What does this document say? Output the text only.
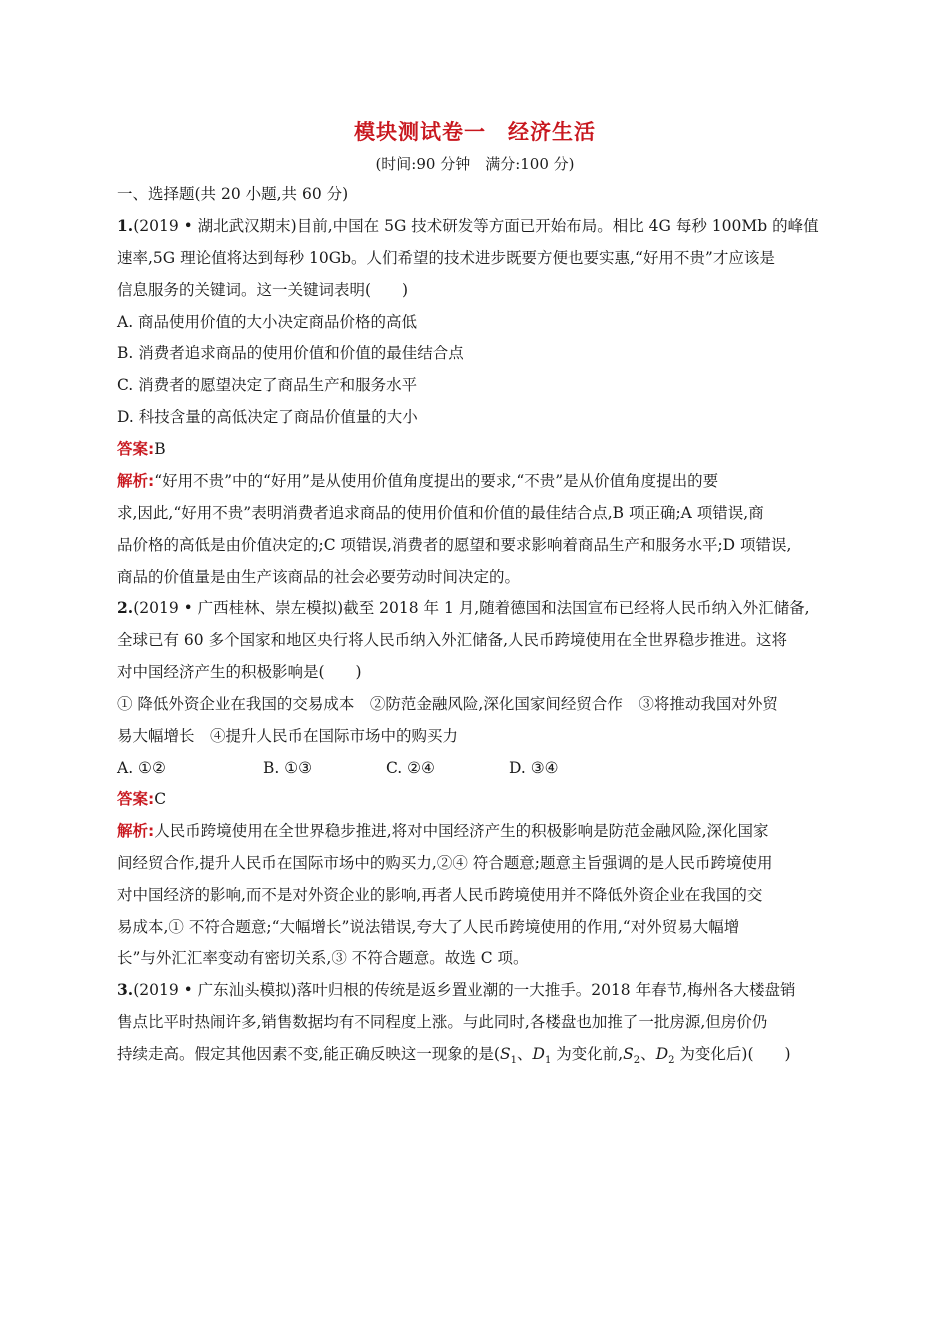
模块测试卷一　经济生活
(时间:90 分钟　满分:100 分)
一、选择题(共 20 小题,共 60 分)
1.(2019 • 湖北武汉期末)目前,中国在 5G 技术研发等方面已开始布局。相比 4G 每秒 100Mb 的峰值
速率,5G 理论值将达到每秒 10Gb。人们希望的技术进步既要方便也要实惠,“好用不贵”才应该是
信息服务的关键词。这一关键词表明(　　)
A. 商品使用价值的大小决定商品价格的高低
B. 消费者追求商品的使用价值和价值的最佳结合点
C. 消费者的愿望决定了商品生产和服务水平
D. 科技含量的高低决定了商品价值量的大小
答案:B
解析:“好用不贵”中的“好用”是从使用价值角度提出的要求,“不贵”是从价值角度提出的要
求,因此,“好用不贵”表明消费者追求商品的使用价值和价值的最佳结合点,B 项正确;A 项错误,商
品价格的高低是由价值决定的;C 项错误,消费者的愿望和要求影响着商品生产和服务水平;D 项错误,
商品的价值量是由生产该商品的社会必要劳动时间决定的。
2.(2019 • 广西桂林、崇左模拟)截至 2018 年 1 月,随着德国和法国宣布已经将人民币纳入外汇储备,
全球已有 60 多个国家和地区央行将人民币纳入外汇储备,人民币跨境使用在全世界稳步推进。这将
对中国经济产生的积极影响是(　　)
① 降低外资企业在我国的交易成本　②防范金融风险,深化国家间经贸合作　③将推动我国对外贸
易大幅增长　④提升人民币在国际市场中的购买力
A. ①②	B. ①③	C. ②④	D. ③④
答案:C
解析:人民币跨境使用在全世界稳步推进,将对中国经济产生的积极影响是防范金融风险,深化国家
间经贸合作,提升人民币在国际市场中的购买力,②④ 符合题意;题意主旨强调的是人民币跨境使用
对中国经济的影响,而不是对外资企业的影响,再者人民币跨境使用并不降低外资企业在我国的交
易成本,① 不符合题意;“大幅增长”说法错误,夸大了人民币跨境使用的作用,“对外贸易大幅增
长”与外汇汇率变动有密切关系,③ 不符合题意。故选 C 项。
3.(2019 • 广东汕头模拟)落叶归根的传统是返乡置业潮的一大推手。2018 年春节,梅州各大楼盘销
售点比平时热闹许多,销售数据均有不同程度上涨。与此同时,各楼盘也加推了一批房源,但房价仍
持续走高。假定其他因素不变,能正确反映这一现象的是($S_1$、$D_1$ 为变化前$,S_2$、$D_2$ 为变化后)(　　)
